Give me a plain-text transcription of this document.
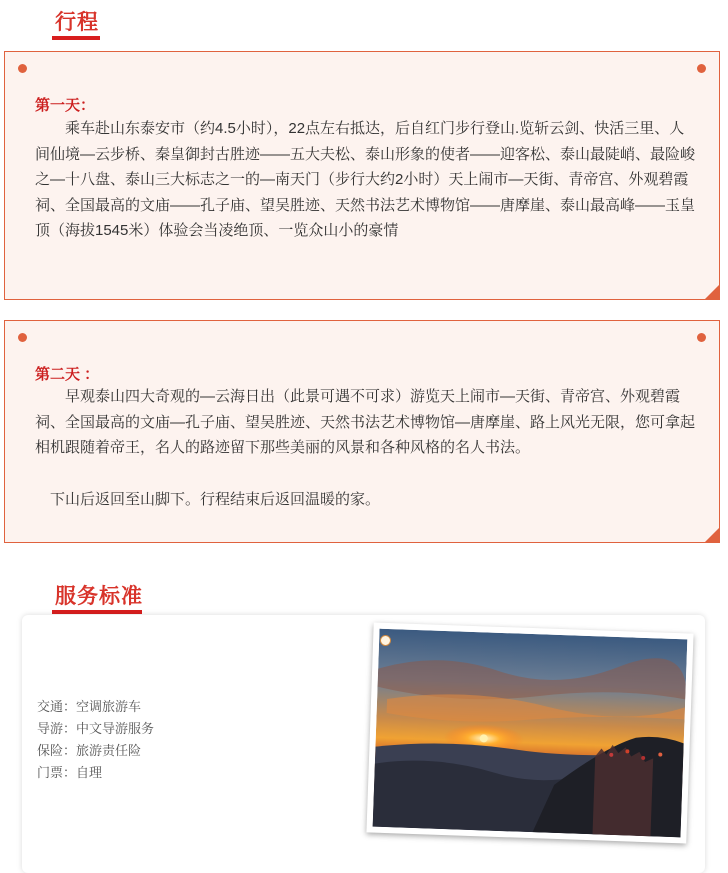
行程
第一天：

乘车赴山东泰安市（约4.5小时），22点左右抵达，后自红门步行登山.览斩云剑、快活三里、人间仙境—云步桥、秦皇御封古胜迹——五大夫松、泰山形象的使者——迎客松、泰山最陡峭、最险峻之—十八盘、泰山三大标志之一的—南天门（步行大约2小时）天上闹市—天街、青帝宫、外观碧霞祠、全国最高的文庙——孔子庙、望吴胜迹、天然书法艺术博物馆——唐摩崖、泰山最高峰——玉皇顶（海拔1545米）体验会当凌绝顶、一览众山小的豪情

第二天 ：

早观泰山四大奇观的—云海日出（此景可遇不可求）游览天上闹市—天街、青帝宫、外观碧霞祠、全国最高的文庙—孔子庙、望吴胜迹、天然书法艺术博物馆—唐摩崖、路上风光无限，您可拿起相机跟随着帝王，名人的路迹留下那些美丽的风景和各种风格的名人书法。

下山后返回至山脚下。行程结束后返回温暖的家。

服务标准
交通：空调旅游车
导游：中文导游服务
保险：旅游责任险
门票：自理
